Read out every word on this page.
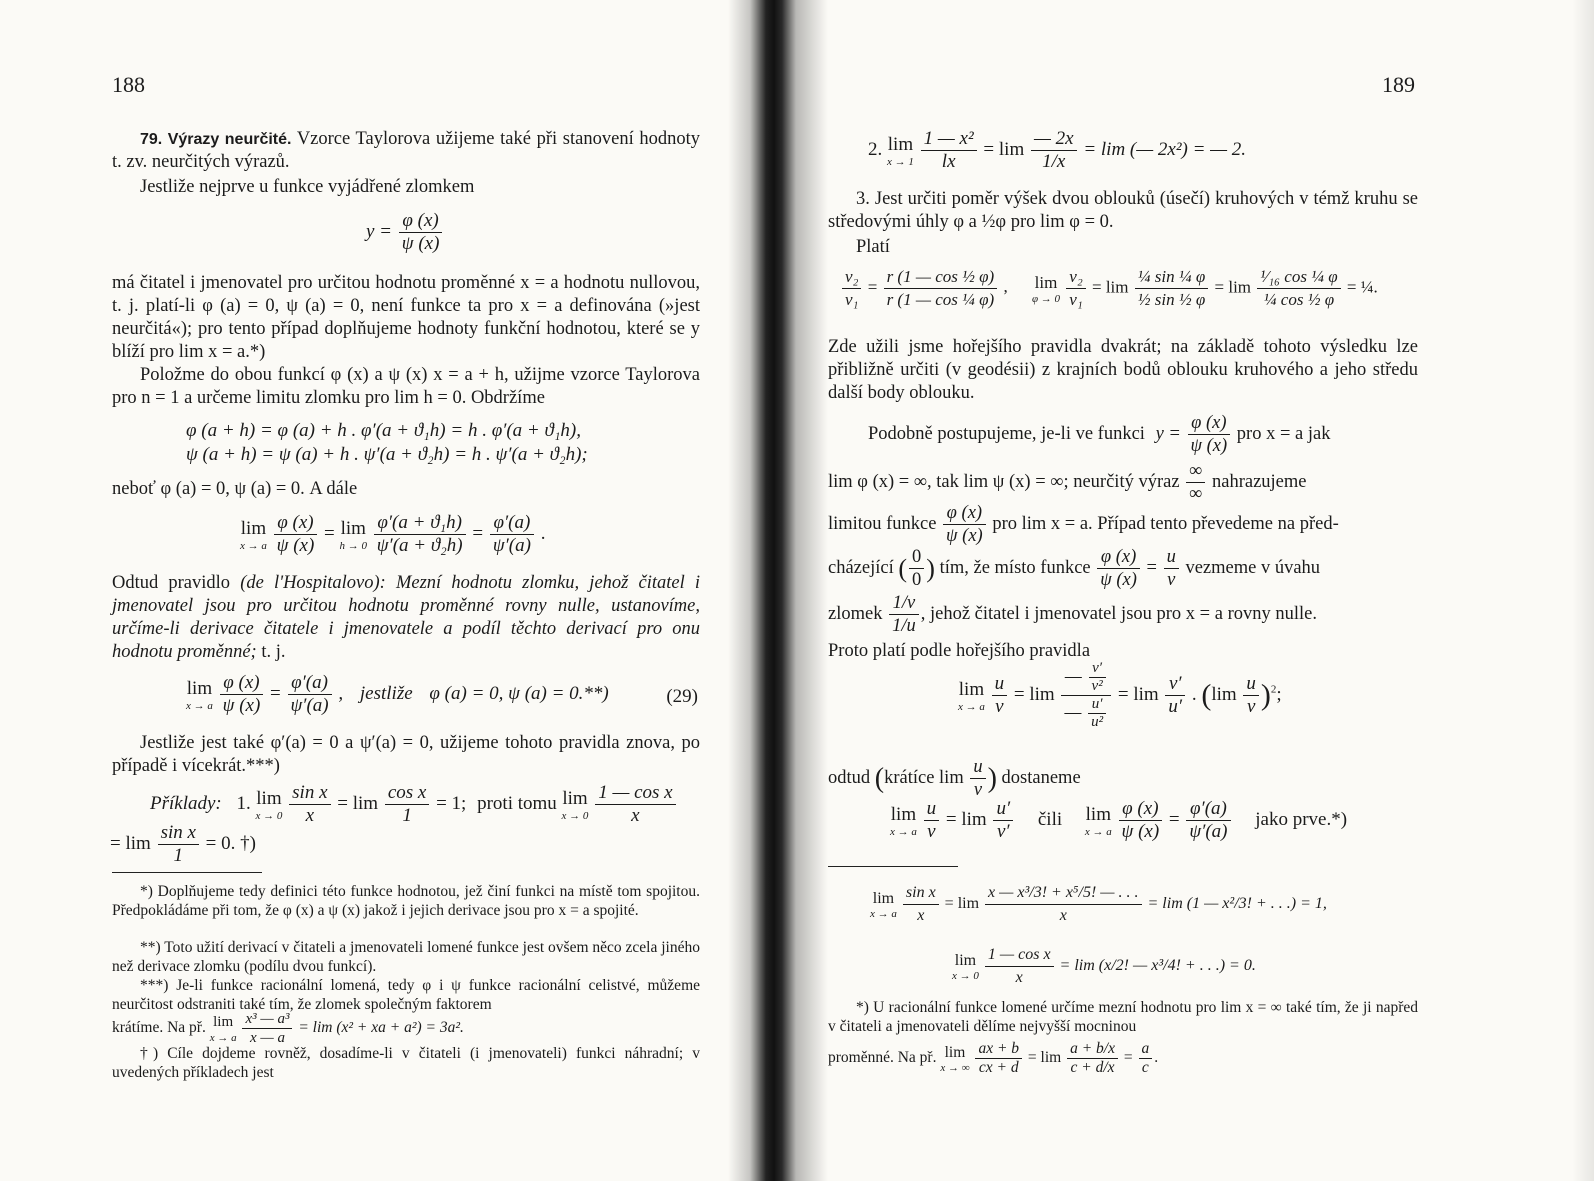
188
79. Výrazy neurčité. Vzorce Taylorova užijeme také při stanovení hodnoty t. zv. neurčitých výrazů.
Jestliže nejprve u funkce vyjádřené zlomkem
$y = \frac{\varphi (x)}{\psi (x)}$
má čitatel i jmenovatel pro určitou hodnotu proměnné x = a hodnotu nullovou, t. j. platí-li φ (a) = 0, ψ (a) = 0, není funkce ta pro x = a definována (»jest neurčitá«); pro tento případ doplňujeme hodnoty funkční hodnotou, které se y blíží pro lim x = a.*)
Položme do obou funkcí φ (x) a ψ (x) x = a + h, užijme vzorce Taylorova pro n = 1 a určeme limitu zlomku pro lim h = 0. Obdržíme
φ (a + h) = φ (a) + h . φ′(a + ϑ₁h) = h . φ′(a + ϑ₁h),
ψ (a + h) = ψ (a) + h . ψ′(a + ϑ₂h) = h . ψ′(a + ϑ₂h);
neboť φ (a) = 0, ψ (a) = 0. A dále
lim
x → a
$\frac{\varphi (x)}{\psi (x)} = \lim$
h → 0
$\frac{\text{φ′(a + ϑ₁h)}}{\text{ψ′(a + ϑ₂h)}} = \frac{\varphi'(a)}{\psi'(a)}$ .
Odtud pravidlo (de l'Hospitalovo): Mezní hodnotu zlomku, jehož čitatel i jmenovatel jsou pro určitou hodnotu proměnné rovny nulle, ustanovíme, určíme-li derivace čitatele i jmenovatele a podíl těchto derivací pro onu hodnotu proměnné; t. j.
lim
x → a
$\frac{\varphi (x)}{\psi (x)} = \frac{\varphi'(a)}{\psi'(a)}$ , jestliže φ (a) = 0, ψ (a) = 0.**)	(29)
Jestliže jest také φ′(a) = 0 a ψ′(a) = 0, užijeme tohoto pravidla znova, po případě i vícekrát.***)
Příklady: 1. lim
x → 0
$\frac{\text{sin x}}{x} = \lim \frac{\text{cos x}}{1} = 1$; proti tomu lim
x → 0
$\frac{\text{1 — cos x}}{x}$
= $\lim \frac{\text{sin x}}{1} = 0$. †)
*) Doplňujeme tedy definici této funkce hodnotou, jež činí funkci na místě tom spojitou. Předpokládáme při tom, že φ (x) a ψ (x) jakož i jejich derivace jsou pro x = a spojité.
**) Toto užití derivací v čitateli a jmenovateli lomené funkce jest ovšem něco zcela jiného než derivace zlomku (podílu dvou funkcí).
***) Je-li funkce racionální lomená, tedy φ i ψ funkce racionální celistvé, můžeme neurčitost odstraniti také tím, že zlomek společným faktorem
krátíme. Na př. lim
x → a
$\frac{\text{x³ — a³}}{x — a} = \lim (x^2$ + xa + a²) = 3a².
†) Cíle dojdeme rovněž, dosadíme-li v čitateli (i jmenovateli) funkci náhradní; v uvedených příkladech jest
189
2. lim
x → 1
$\frac{\text{1 — x²}}{lx} = \lim \frac{— 2x}{1/x} = \lim$ (— 2x²) = — 2.
3. Jest určiti poměr výšek dvou oblouků (úsečí) kruhových v témž kruhu se středovými úhly φ a ½φ pro lim φ = 0.
Platí
$\frac{\text{v₂}}{\text{v₁}} = \frac{\text{r (1 — cos ½ φ)}}{\text{r (1 — cos ¼ φ)}}$ , lim
φ → 0
$\frac{\text{v₂}}{\text{v₁}} = \lim \frac{\text{¼ sin ¼ φ}}{\text{½ sin ½ φ}} = \lim \frac{\text{¹⁄₁₆ cos ¼ φ}}{\text{¼ cos ½ φ}}$ = ¼.
Zde užili jsme hořejšího pravidla dvakrát; na základě tohoto výsledku lze přibližně určiti (v geodésii) z krajních bodů oblouku kruhového a jeho středu další body oblouku.
Podobně postupujeme, je-li ve funkci $y = \frac{\varphi (x)}{\psi (x)}$ pro x = a jak
lim φ (x) = ∞, tak lim ψ (x) = ∞; neurčitý výraz $\frac{\infty}{\infty}$ nahrazujeme
limitou funkce $\frac{\varphi (x)}{\psi (x)}$ pro lim x = a. Případ tento převedeme na před-
cházející ( $\frac{0}{0}$ ) tím, že místo funkce $\frac{\varphi (x)}{\psi (x)} = \frac{u}{v}$ vezmeme v úvahu
zlomek $\frac{1/v}{1/u}$ , jehož čitatel i jmenovatel jsou pro x = a rovny nulle.
Proto platí podle hořejšího pravidla
lim
x → a
$\frac{u}{v} = \lim \frac{— \frac{v'}{\text{v²}}}{— \frac{u'}{\text{u²}}} = \lim \frac{v'}{u'}$ . $(\lim \frac{u}{v} )^2$;
odtud (krátíce $\lim \frac{u}{v}$ ) dostaneme
lim
x → a
$\frac{u}{v} = \lim \frac{u'}{v'}$ čili lim
x → a
$\frac{\varphi (x)}{\psi (x)} = \frac{\varphi'(a)}{\psi'(a)}$ jako prve.*)
lim
x → a
$\frac{\text{sin x}}{x} = \lim \frac{\text{x — x³/3! + x⁵/5! — . . .}}{x} = \lim (1$ — x²/3! + . . .) = 1,
lim
x → 0
$\frac{\text{1 — cos x}}{x} = \lim (x/2$! — x³/4! + . . .) = 0.
*) U racionální funkce lomené určíme mezní hodnotu pro lim x = ∞ také tím, že ji napřed v čitateli a jmenovateli dělíme nejvyšší mocninou
proměnné. Na př. lim
x → ∞
$\frac{ax + b}{cx + d} = \lim \frac{a + b/x}{c + d/x} = \frac{a}{c}$ .
